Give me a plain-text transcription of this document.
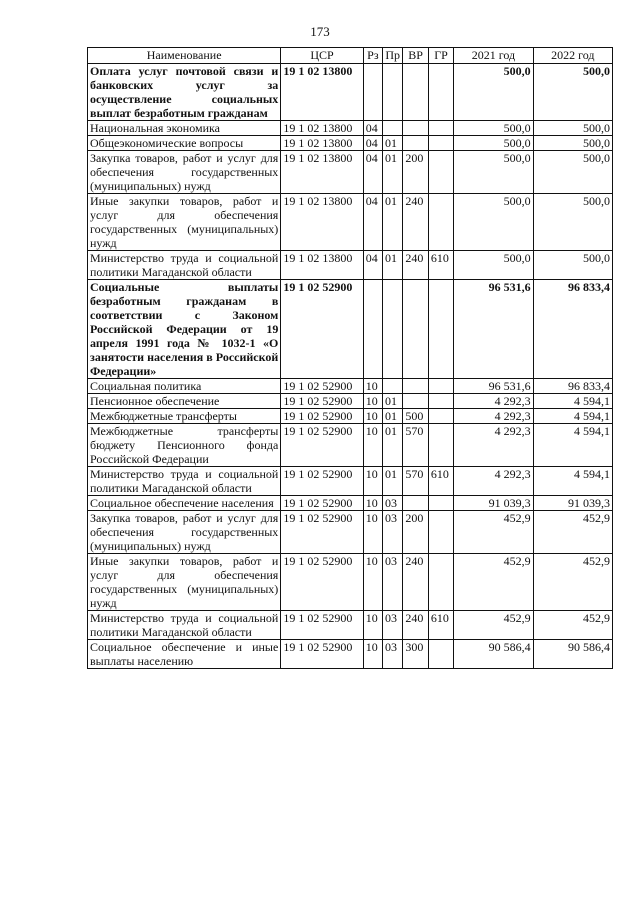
173
Наименование	ЦСР	Рз	Пр	ВР	ГР	2021 год	2022 год
Оплата услуг почтовой связи и банковских услуг за осуществление социальных выплат безработным гражданам	19 1 02 13800					500,0	500,0
Национальная экономика	19 1 02 13800	04				500,0	500,0
Общеэкономические вопросы	19 1 02 13800	04	01			500,0	500,0
Закупка товаров, работ и услуг для обеспечения государственных (муниципальных) нужд	19 1 02 13800	04	01	200		500,0	500,0
Иные закупки товаров, работ и услуг для обеспечения государственных (муниципальных) нужд	19 1 02 13800	04	01	240		500,0	500,0
Министерство труда и социальной политики Магаданской области	19 1 02 13800	04	01	240	610	500,0	500,0
Социальные выплаты безработным гражданам в соответствии с Законом Российской Федерации от 19 апреля 1991 года № 1032-1 «О занятости населения в Российской Федерации»	19 1 02 52900					96 531,6	96 833,4
Социальная политика	19 1 02 52900	10				96 531,6	96 833,4
Пенсионное обеспечение	19 1 02 52900	10	01			4 292,3	4 594,1
Межбюджетные трансферты	19 1 02 52900	10	01	500		4 292,3	4 594,1
Межбюджетные трансферты бюджету Пенсионного фонда Российской Федерации	19 1 02 52900	10	01	570		4 292,3	4 594,1
Министерство труда и социальной политики Магаданской области	19 1 02 52900	10	01	570	610	4 292,3	4 594,1
Социальное обеспечение населения	19 1 02 52900	10	03			91 039,3	91 039,3
Закупка товаров, работ и услуг для обеспечения государственных (муниципальных) нужд	19 1 02 52900	10	03	200		452,9	452,9
Иные закупки товаров, работ и услуг для обеспечения государственных (муниципальных) нужд	19 1 02 52900	10	03	240		452,9	452,9
Министерство труда и социальной политики Магаданской области	19 1 02 52900	10	03	240	610	452,9	452,9
Социальное обеспечение и иные выплаты населению	19 1 02 52900	10	03	300		90 586,4	90 586,4
